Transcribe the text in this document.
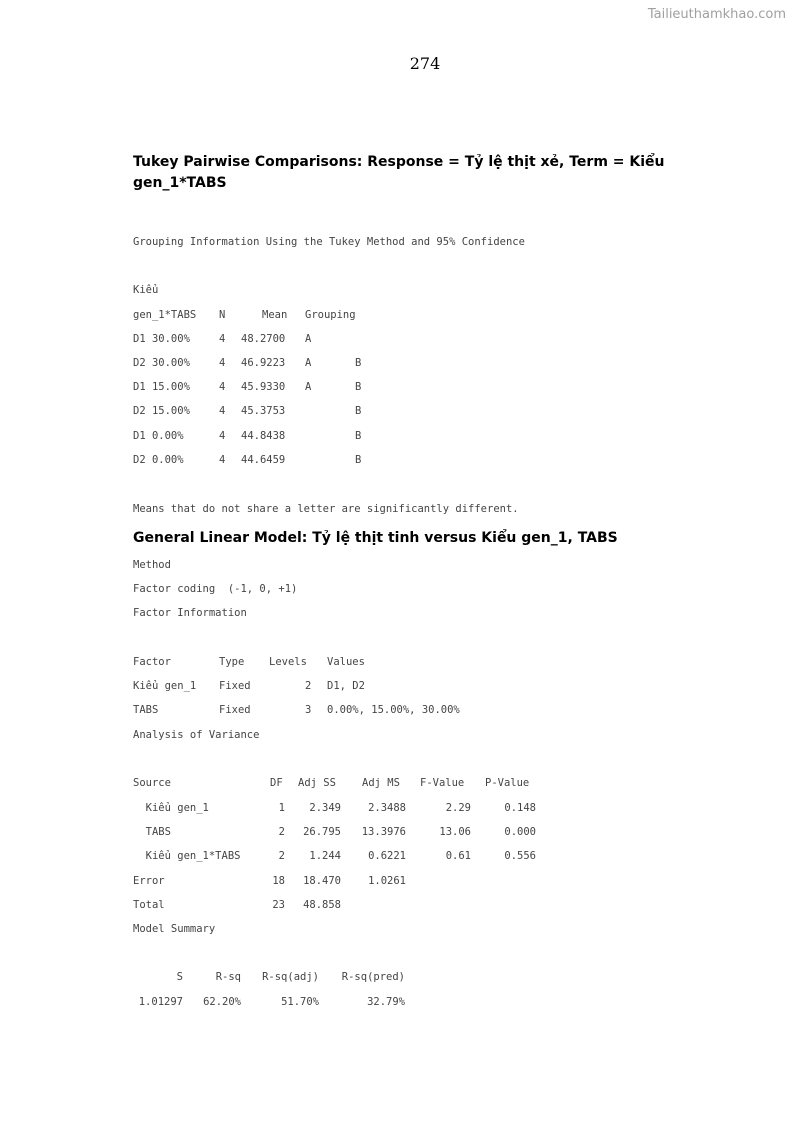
Tailieuthamkhao.com
274

Tukey Pairwise Comparisons: Response = Tỷ lệ thịt xẻ, Term = Kiểu

gen_1*TABS

Grouping Information Using the Tukey Method and 95% Confidence

Kiểu

gen_1*TABS N	Mean Grouping
D1 30.00%	4 48.2700 A
D2 30.00%	4 46.9223 A	B
D1 15.00%	4 45.9330 A	B
D2 15.00%	4 45.3753	B
D1 0.00%	4 44.8438	B
D2 0.00%	4 44.6459	B

Means that do not share a letter are significantly different.

General Linear Model: Tỷ lệ thịt tinh versus Kiểu gen_1, TABS

Method

Factor coding  (-1, 0, +1)

Factor Information

Factor	Type Levels Values
Kiểu gen_1 Fixed	2 D1, D2
TABS	Fixed	3 0.00%, 15.00%, 30.00%

Analysis of Variance

Source	DF Adj SS Adj MS F-Value P-Value
Kiểu gen_1	1	2.349	2.3488	2.29	0.148
TABS	2	26.795	13.3976	13.06	0.000
Kiểu gen_1*TABS	2	1.244	0.6221	0.61	0.556
Error	18	18.470	1.0261
Total	23	48.858

Model Summary

S	R-sq	R-sq(adj)	R-sq(pred)
1.01297	62.20%	51.70%	32.79%
